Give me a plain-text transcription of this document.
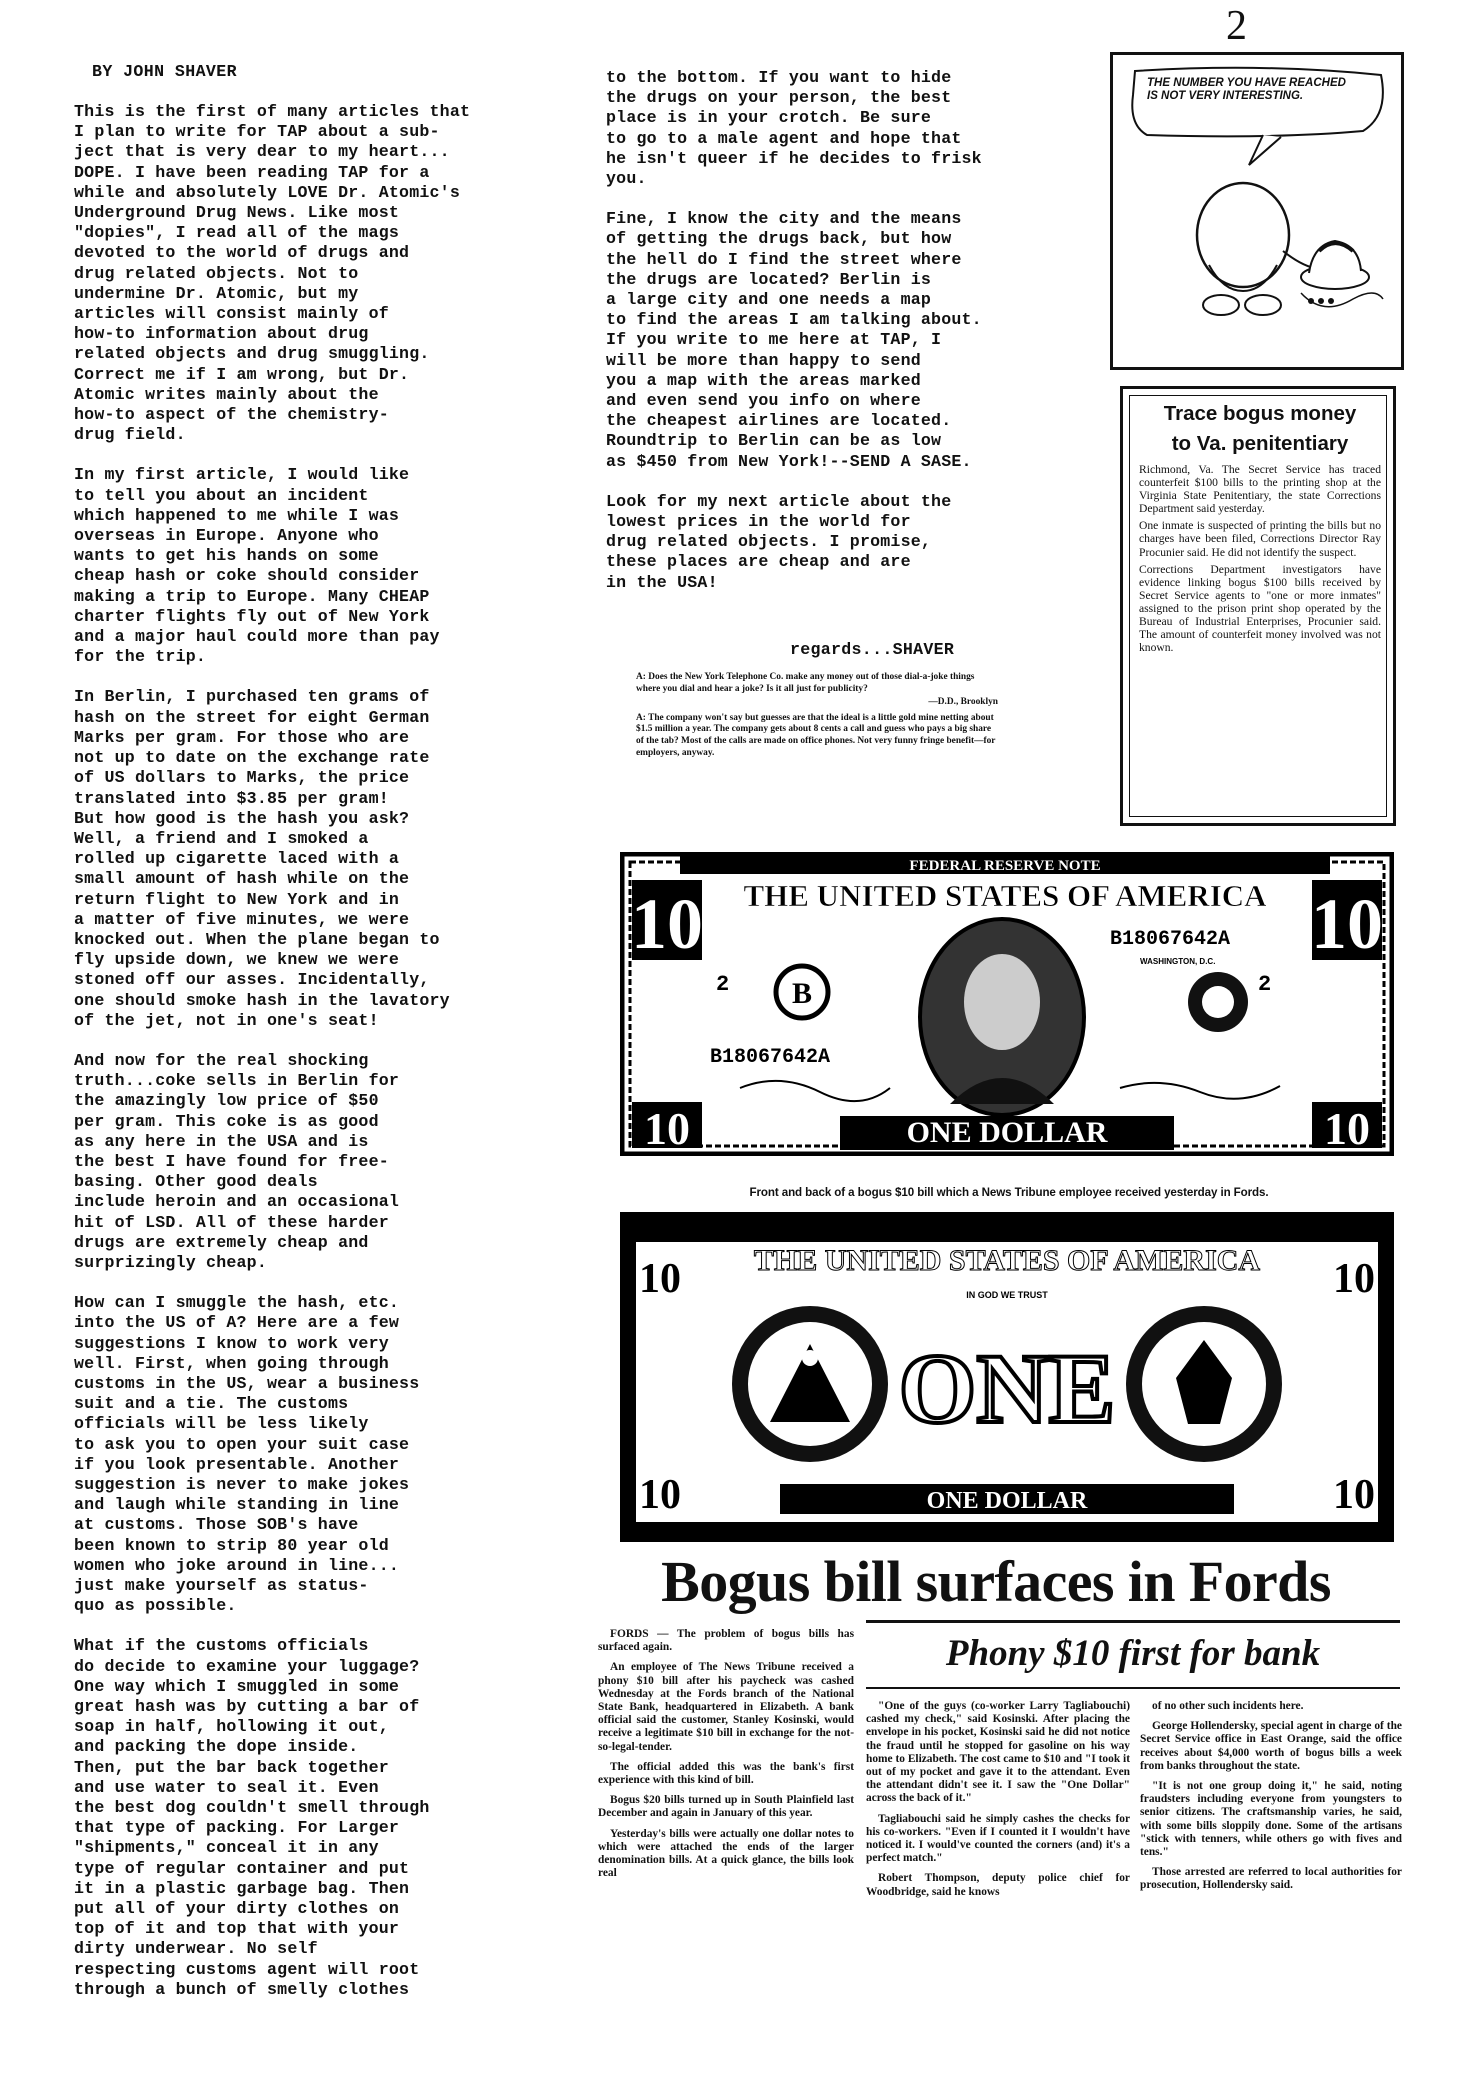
2
BY JOHN SHAVER

This is the first of many articles that
I plan to write for TAP about a sub-
ject that is very dear to my heart...
DOPE. I have been reading TAP for a
while and absolutely LOVE Dr. Atomic's
Underground Drug News. Like most
"dopies", I read all of the mags
devoted to the world of drugs and
drug related objects. Not to
undermine Dr. Atomic, but my
articles will consist mainly of
how-to information about drug
related objects and drug smuggling.
Correct me if I am wrong, but Dr.
Atomic writes mainly about the
how-to aspect of the chemistry-
drug field.

In my first article, I would like
to tell you about an incident
which happened to me while I was
overseas in Europe. Anyone who
wants to get his hands on some
cheap hash or coke should consider
making a trip to Europe. Many CHEAP
charter flights fly out of New York
and a major haul could more than pay
for the trip.

In Berlin, I purchased ten grams of
hash on the street for eight German
Marks per gram. For those who are
not up to date on the exchange rate
of US dollars to Marks, the price
translated into $3.85 per gram!
But how good is the hash you ask?
Well, a friend and I smoked a
rolled up cigarette laced with a
small amount of hash while on the
return flight to New York and in
a matter of five minutes, we were
knocked out. When the plane began to
fly upside down, we knew we were
stoned off our asses. Incidentally,
one should smoke hash in the lavatory
of the jet, not in one's seat!

And now for the real shocking
truth...coke sells in Berlin for
the amazingly low price of $50
per gram. This coke is as good
as any here in the USA and is
the best I have found for free-
basing. Other good deals
include heroin and an occasional
hit of LSD. All of these harder
drugs are extremely cheap and
surprizingly cheap.

How can I smuggle the hash, etc.
into the US of A? Here are a few
suggestions I know to work very
well. First, when going through
customs in the US, wear a business
suit and a tie. The customs
officials will be less likely
to ask you to open your suit case
if you look presentable. Another
suggestion is never to make jokes
and laugh while standing in line
at customs. Those SOB's have
been known to strip 80 year old
women who joke around in line...
just make yourself as status-
quo as possible.

What if the customs officials
do decide to examine your luggage?
One way which I smuggled in some
great hash was by cutting a bar of
soap in half, hollowing it out,
and packing the dope inside.
Then, put the bar back together
and use water to seal it. Even
the best dog couldn't smell through
that type of packing. For Larger
"shipments," conceal it in any
type of regular container and put
it in a plastic garbage bag. Then
put all of your dirty clothes on
top of it and top that with your
dirty underwear. No self
respecting customs agent will root
through a bunch of smelly clothes

to the bottom. If you want to hide
the drugs on your person, the best
place is in your crotch. Be sure
to go to a male agent and hope that
he isn't queer if he decides to frisk
you.

Fine, I know the city and the means
of getting the drugs back, but how
the hell do I find the street where
the drugs are located? Berlin is
a large city and one needs a map
to find the areas I am talking about.
If you write to me here at TAP, I
will be more than happy to send
you a map with the areas marked
and even send you info on where
the cheapest airlines are located.
Roundtrip to Berlin can be as low
as $450 from New York!--SEND A SASE.

Look for my next article about the
lowest prices in the world for
drug related objects. I promise,
these places are cheap and are
in the USA!

regards...SHAVER

A: Does the New York Telephone Co. make any money out of those dial-a-joke things where you dial and hear a joke? Is it all just for publicity?

—D.D., Brooklyn

A: The company won't say but guesses are that the ideal is a little gold mine netting about $1.5 million a year. The company gets about 8 cents a call and guess who pays a big share of the tab? Most of the calls are made on office phones. Not very funny fringe benefit—for employers, anyway.

THE NUMBER YOU HAVE REACHED IS NOT VERY INTERESTING.
Trace bogus money
to Va. penitentiary

Richmond, Va. The Secret Service has traced counterfeit $100 bills to the printing shop at the Virginia State Penitentiary, the state Corrections Department said yesterday.

One inmate is suspected of printing the bills but no charges have been filed, Corrections Director Ray Procunier said. He did not identify the suspect.

Corrections Department investigators have evidence linking bogus $100 bills received by Secret Service agents to "one or more inmates" assigned to the prison print shop operated by the Bureau of Industrial Enterprises, Procunier said. The amount of counterfeit money involved was not known.

FEDERAL RESERVE NOTE
THE UNITED STATES OF AMERICA
10	10
B18067642A
WASHINGTON, D.C.
B
2	2
B18067642A
10	10
ONE DOLLAR
Front and back of a bogus $10 bill which a News Tribune employee received yesterday in Fords.
THE UNITED STATES OF AMERICA
IN GOD WE TRUST
10	10
10	10
ONE
ONE DOLLAR
Bogus bill surfaces in Fords
Phony $10 first for bank

FORDS — The problem of bogus bills has surfaced again.

An employee of The News Tribune received a phony $10 bill after his paycheck was cashed Wednesday at the Fords branch of the National State Bank, headquartered in Elizabeth. A bank official said the customer, Stanley Kosinski, would receive a legitimate $10 bill in exchange for the not-so-legal-tender.

The official added this was the bank's first experience with this kind of bill.

Bogus $20 bills turned up in South Plainfield last December and again in January of this year.

Yesterday's bills were actually one dollar notes to which were attached the ends of the larger denomination bills. At a quick glance, the bills look real

"One of the guys (co-worker Larry Tagliabouchi) cashed my check," said Kosinski. After placing the envelope in his pocket, Kosinski said he did not notice the fraud until he stopped for gasoline on his way home to Elizabeth. The cost came to $10 and "I took it out of my pocket and gave it to the attendant. Even the attendant didn't see it. I saw the "One Dollar" across the back of it."

Tagliabouchi said he simply cashes the checks for his co-workers. "Even if I counted it I wouldn't have noticed it. I would've counted the corners (and) it's a perfect match."

Robert Thompson, deputy police chief for Woodbridge, said he knows

of no other such incidents here.

George Hollendersky, special agent in charge of the Secret Service office in East Orange, said the office receives about $4,000 worth of bogus bills a week from banks throughout the state.

"It is not one group doing it," he said, noting fraudsters including everyone from youngsters to senior citizens. The craftsmanship varies, he said, with some bills sloppily done. Some of the artisans "stick with tenners, while others go with fives and tens."

Those arrested are referred to local authorities for prosecution, Hollendersky said.
